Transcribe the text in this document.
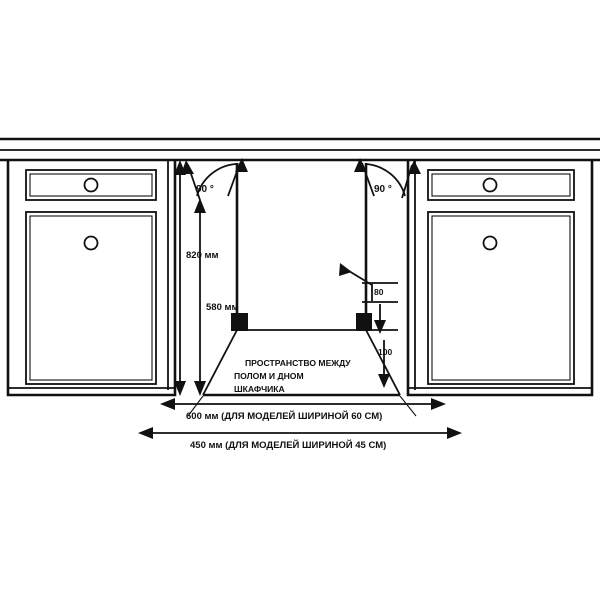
90 °	90 °
820 мм
580 мм
80
100
ПРОСТРАНСТВО МЕЖДУ
ПОЛОМ И ДНОМ
ШКАФЧИКА
600 мм (ДЛЯ МОДЕЛЕЙ ШИРИНОЙ 60 СМ)
450 мм (ДЛЯ МОДЕЛЕЙ ШИРИНОЙ 45 СМ)
